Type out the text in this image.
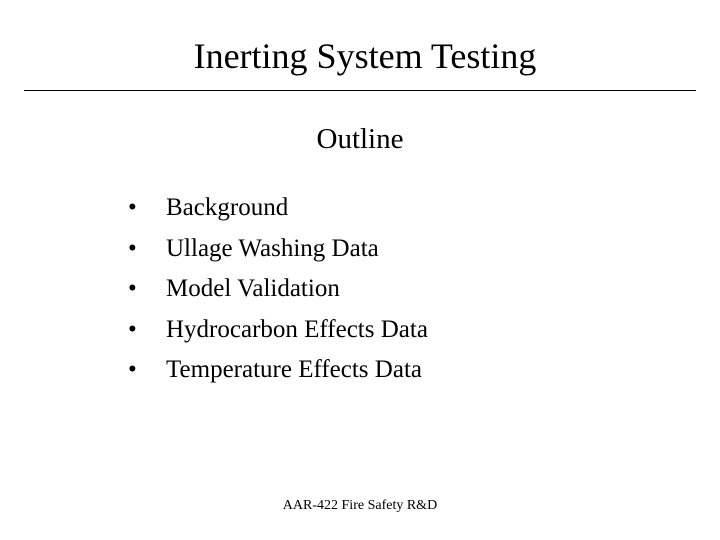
Inerting System Testing
Outline
•	Background
•	Ullage Washing Data
•	Model Validation
•	Hydrocarbon Effects Data
•	Temperature Effects Data
AAR-422 Fire Safety R&D
